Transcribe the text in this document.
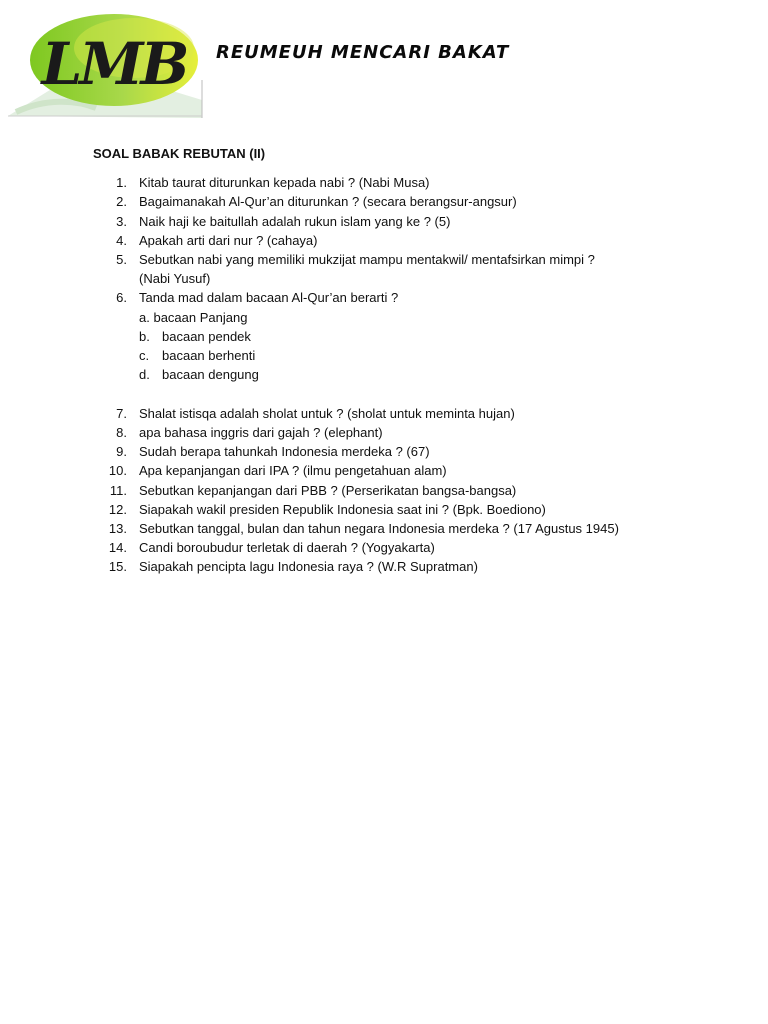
LMB REUMEUH MENCARI BAKAT
SOAL BABAK REBUTAN (II)
1. Kitab taurat diturunkan kepada nabi ? (Nabi Musa)
2. Bagaimanakah Al-Qur’an diturunkan ? (secara berangsur-angsur)
3. Naik haji ke baitullah adalah rukun islam yang ke ? (5)
4. Apakah arti dari nur ? (cahaya)
5. Sebutkan nabi yang memiliki mukzijat mampu mentakwil/ mentafsirkan mimpi ?
(Nabi Yusuf)
6. Tanda mad dalam bacaan Al-Qur’an berarti ?
a. bacaan Panjang
b. bacaan pendek
c. bacaan berhenti
d. bacaan dengung
7. Shalat istisqa adalah sholat untuk ? (sholat untuk meminta hujan)
8. apa bahasa inggris dari gajah ? (elephant)
9. Sudah berapa tahunkah Indonesia merdeka ? (67)
10. Apa kepanjangan dari IPA ? (ilmu pengetahuan alam)
11. Sebutkan kepanjangan dari PBB ? (Perserikatan bangsa-bangsa)
12. Siapakah wakil presiden Republik Indonesia saat ini ? (Bpk. Boediono)
13. Sebutkan tanggal, bulan dan tahun negara Indonesia merdeka ? (17 Agustus 1945)
14. Candi boroubudur terletak di daerah ? (Yogyakarta)
15. Siapakah pencipta lagu Indonesia raya ? (W.R Supratman)
